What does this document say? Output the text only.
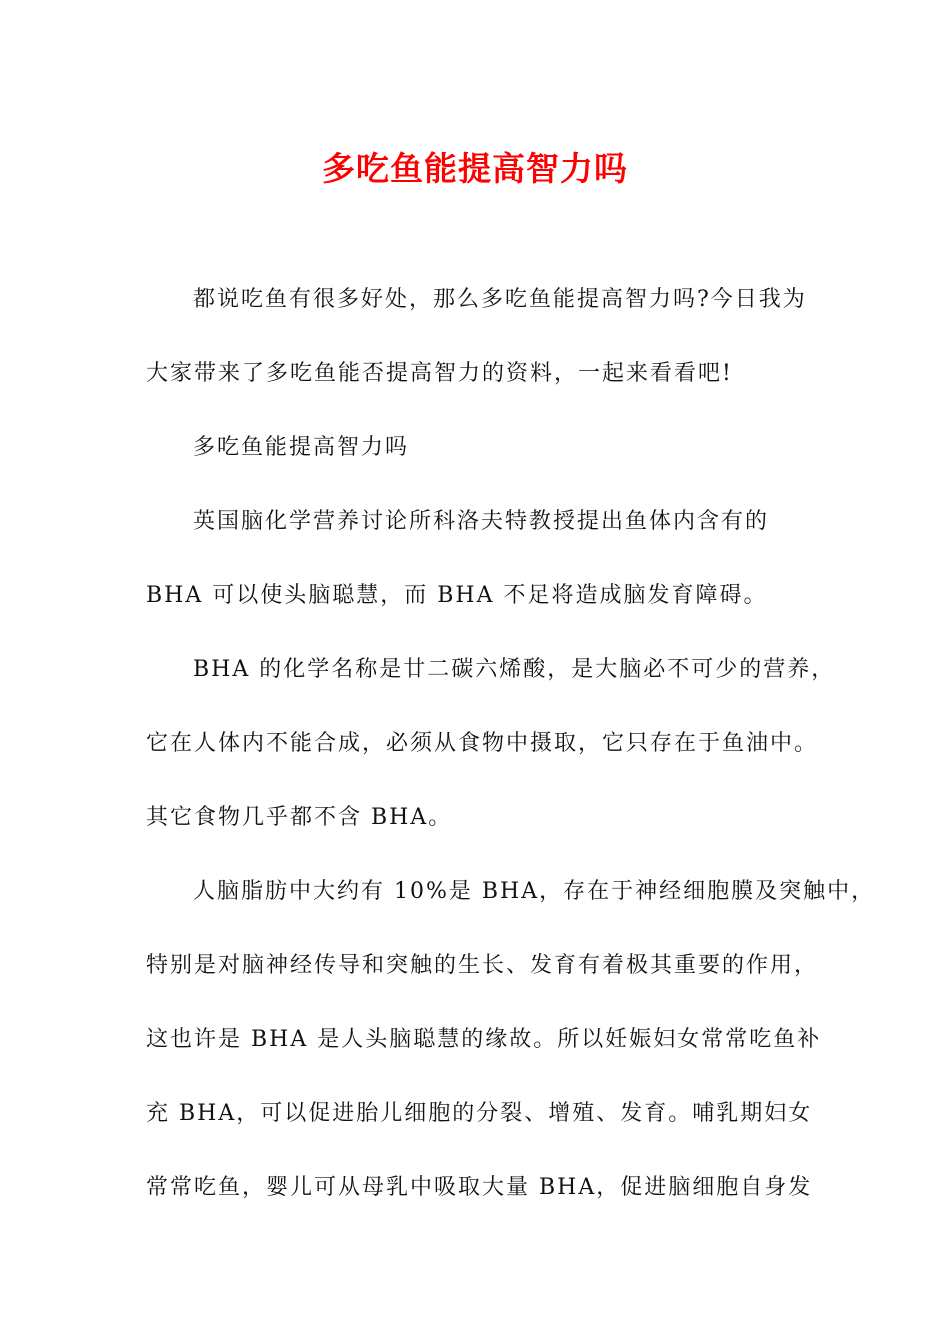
多吃鱼能提高智力吗
都说吃鱼有很多好处，那么多吃鱼能提高智力吗?今日我为
大家带来了多吃鱼能否提高智力的资料，一起来看看吧!
多吃鱼能提高智力吗
英国脑化学营养讨论所科洛夫特教授提出鱼体内含有的
BHA 可以使头脑聪慧，而 BHA 不足将造成脑发育障碍。
BHA 的化学名称是廿二碳六烯酸，是大脑必不可少的营养，
它在人体内不能合成，必须从食物中摄取，它只存在于鱼油中。
其它食物几乎都不含 BHA。
人脑脂肪中大约有 10%是 BHA，存在于神经细胞膜及突触中，
特别是对脑神经传导和突触的生长、发育有着极其重要的作用，
这也许是 BHA 是人头脑聪慧的缘故。所以妊娠妇女常常吃鱼补
充 BHA，可以促进胎儿细胞的分裂、增殖、发育。哺乳期妇女
常常吃鱼，婴儿可从母乳中吸取大量 BHA，促进脑细胞自身发
